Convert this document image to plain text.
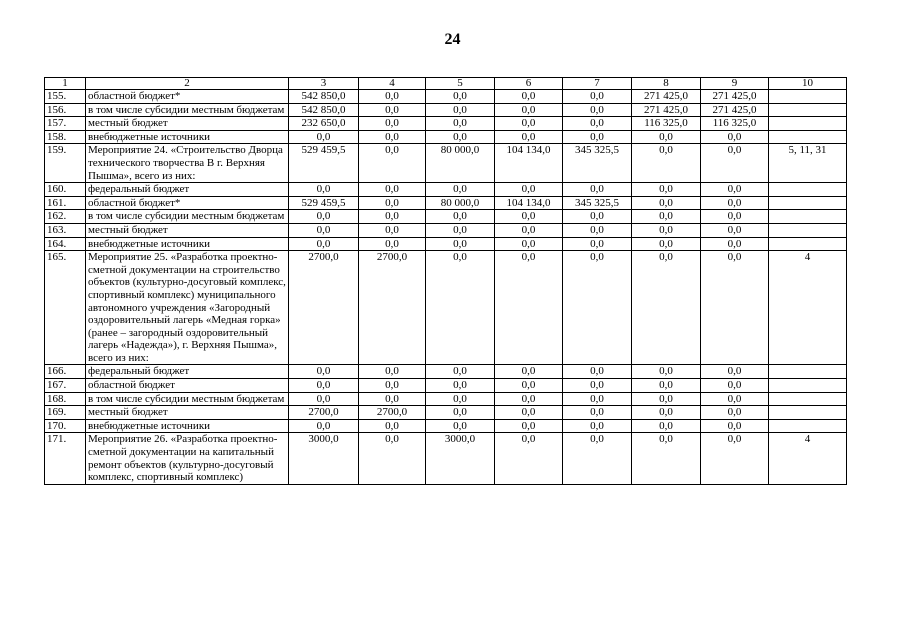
24
1	2	3	4	5	6	7	8	9	10
155.	областной бюджет*	542 850,0	0,0	0,0	0,0	0,0	271 425,0	271 425,0	
156.	в том числе субсидии местным бюджетам	542 850,0	0,0	0,0	0,0	0,0	271 425,0	271 425,0	
157.	местный бюджет	232 650,0	0,0	0,0	0,0	0,0	116 325,0	116 325,0	
158.	внебюджетные источники	0,0	0,0	0,0	0,0	0,0	0,0	0,0	
159.	Мероприятие 24. «Строительство Дворца технического творчества В г. Верхняя Пышма», всего из них:	529 459,5	0,0	80 000,0	104 134,0	345 325,5	0,0	0,0	5, 11, 31
160.	федеральный бюджет	0,0	0,0	0,0	0,0	0,0	0,0	0,0	
161.	областной бюджет*	529 459,5	0,0	80 000,0	104 134,0	345 325,5	0,0	0,0	
162.	в том числе субсидии местным бюджетам	0,0	0,0	0,0	0,0	0,0	0,0	0,0	
163.	местный бюджет	0,0	0,0	0,0	0,0	0,0	0,0	0,0	
164.	внебюджетные источники	0,0	0,0	0,0	0,0	0,0	0,0	0,0	
165.	Мероприятие 25. «Разработка проектно-сметной документации на строительство объектов (культурно-досуговый комплекс, спортивный комплекс) муниципального автономного учреждения «Загородный оздоровительный лагерь «Медная горка» (ранее – загородный оздоровительный лагерь «Надежда»), г. Верхняя Пышма», всего из них:	2700,0	2700,0	0,0	0,0	0,0	0,0	0,0	4
166.	федеральный бюджет	0,0	0,0	0,0	0,0	0,0	0,0	0,0	
167.	областной бюджет	0,0	0,0	0,0	0,0	0,0	0,0	0,0	
168.	в том числе субсидии местным бюджетам	0,0	0,0	0,0	0,0	0,0	0,0	0,0	
169.	местный бюджет	2700,0	2700,0	0,0	0,0	0,0	0,0	0,0	
170.	внебюджетные источники	0,0	0,0	0,0	0,0	0,0	0,0	0,0	
171.	Мероприятие 26. «Разработка проектно-сметной документации на капитальный ремонт объектов (культурно-досуговый комплекс, спортивный комплекс)	3000,0	0,0	3000,0	0,0	0,0	0,0	0,0	4
